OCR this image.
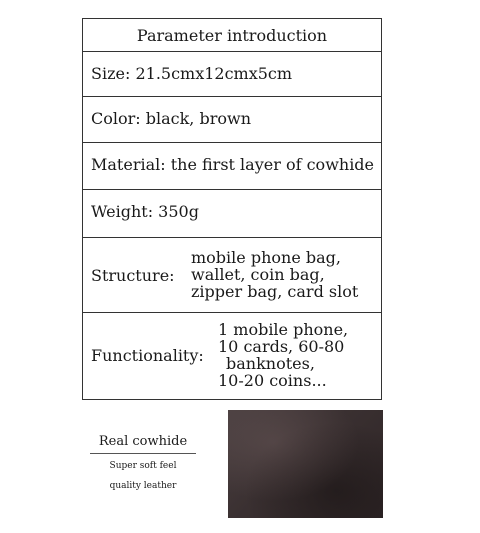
Parameter introduction
Size: 21.5cmx12cmx5cm
Color: black, brown
Material: the first layer of cowhide
Weight: 350g
Structure:
mobile phone bag,
wallet, coin bag,
zipper bag, card slot
Functionality:
1 mobile phone,
10 cards, 60-80
banknotes,
10-20 coins...
Real cowhide
Super soft feel
quality leather
